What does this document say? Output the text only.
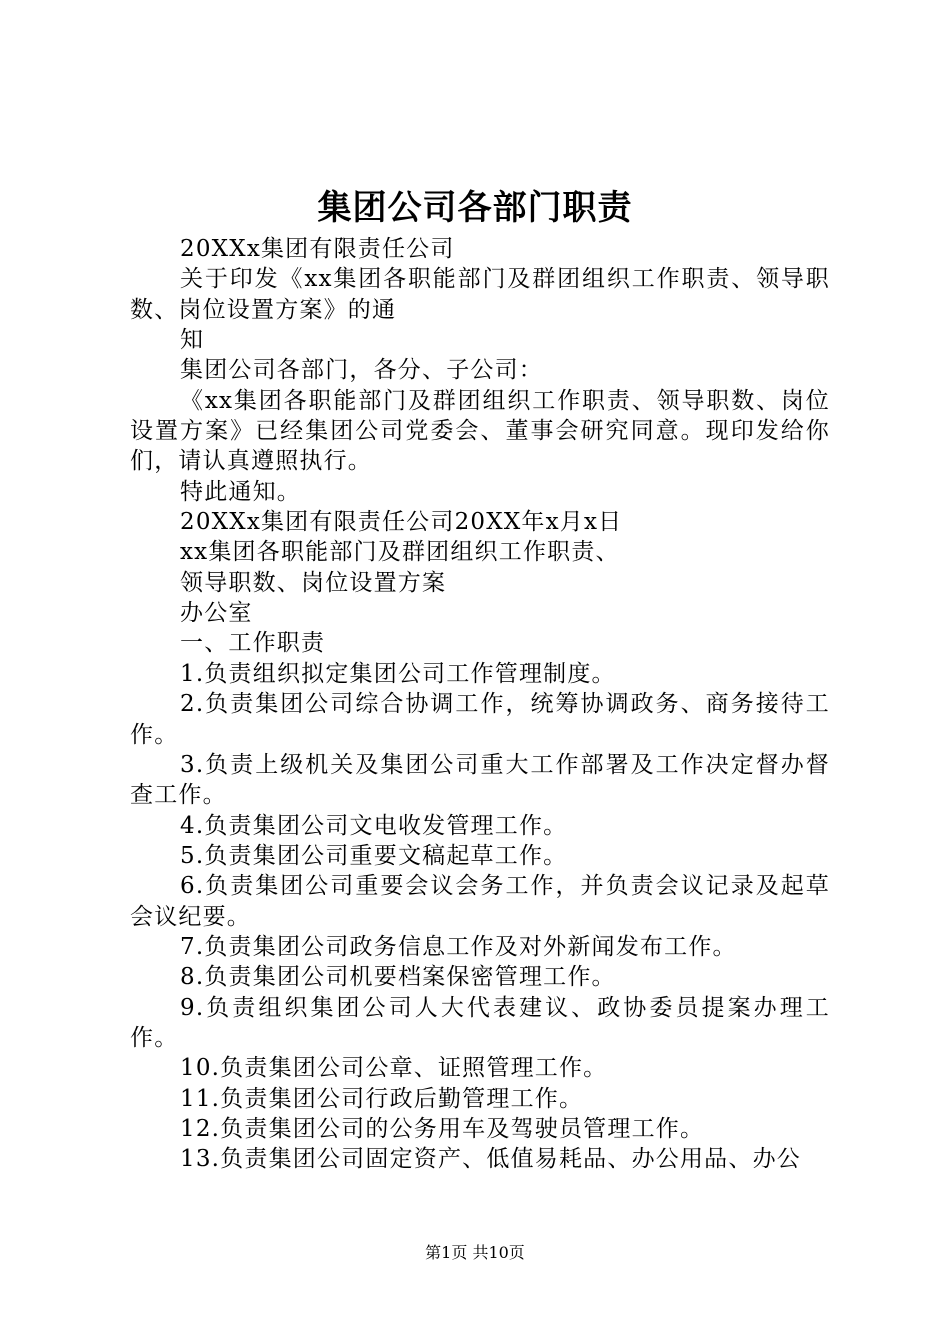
集团公司各部门职责

20XXx集团有限责任公司

关于印发《xx集团各职能部门及群团组织工作职责、领导职数、岗位设置方案》的通

知

集团公司各部门，各分、子公司：

《xx集团各职能部门及群团组织工作职责、领导职数、岗位设置方案》已经集团公司党委会、董事会研究同意。现印发给你们，请认真遵照执行。

特此通知。

20XXx集团有限责任公司20XX年x月x日

xx集团各职能部门及群团组织工作职责、

领导职数、岗位设置方案

办公室

一、工作职责

1.负责组织拟定集团公司工作管理制度。

2.负责集团公司综合协调工作，统筹协调政务、商务接待工作。

3.负责上级机关及集团公司重大工作部署及工作决定督办督查工作。

4.负责集团公司文电收发管理工作。

5.负责集团公司重要文稿起草工作。

6.负责集团公司重要会议会务工作，并负责会议记录及起草会议纪要。

7.负责集团公司政务信息工作及对外新闻发布工作。

8.负责集团公司机要档案保密管理工作。

9.负责组织集团公司人大代表建议、政协委员提案办理工作。

10.负责集团公司公章、证照管理工作。

11.负责集团公司行政后勤管理工作。

12.负责集团公司的公务用车及驾驶员管理工作。

13.负责集团公司固定资产、低值易耗品、办公用品、办公

第1页 共10页
